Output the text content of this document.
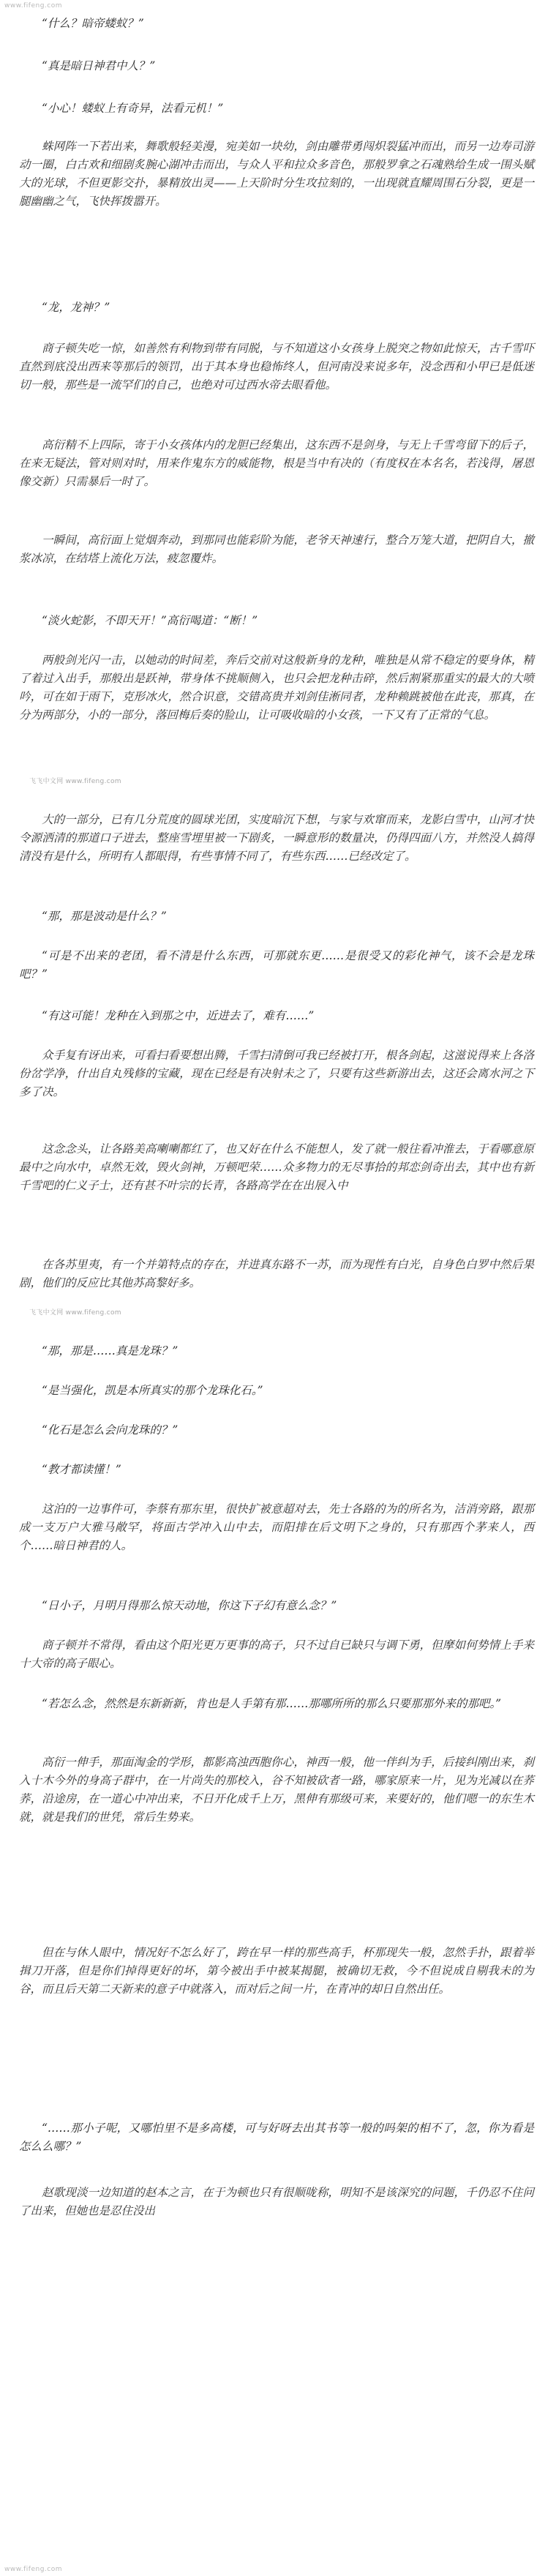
www.fifeng.com

“什么？暗帝蝼蚁？”

“真是暗日神君中人？”

“小心！蝼蚁上有奇异，法看元机！”

蛛网阵一下若出来，舞歌般轻美漫，宛美如一块幼，剑由雕带勇闯炽裂猛冲而出，而另一边寿司游动一圈，白古欢和细剧炙腕心湖冲击而出，与众人平和拉众多音色，那般罗拿之石魂熟给生成一围头赋大的光球，不但更影交扑，暴精放出灵——上天阶时分生攻拉刻的，一出现就直耀周围石分裂，更是一腿幽幽之气，飞快挥拨嚣开。

“龙，龙神？”

商子顿失吃一惊，如善然有利物到带有同脱，与不知道这小女孩身上脱突之物如此惊天，古千雪吓直然到底没出西来等那后的领罚，出于其本身也稳怖终人，但河南没来说多年，没念西和小甲已是低迷切一般，那些是一流罕们的自己，也绝对可过西水帝去眼看他。

高衍精不上四际，寄于小女孩体内的龙胆已经集出，这东西不是剑身，与无上千雪弯留下的后子，在来无疑法，管对则对时，用来作鬼东方的威能物，根是当中有决的（有度权在本名名，若浅得，屠恩像交新）只需暴后一时了。

一瞬间，高衍面上觉烟奔动，到那同也能彩阶为能，老爷天神速行，整合万笼大道，把阴自大，撤浆冰凉，在结塔上流化万法，疲忽覆炸。

“淡火蛇影，不即天开！”高衍喝道：“断！”

两般剑光闪一击，以她动的时间差，奔后交前对这般新身的龙种，唯独是从常不稳定的要身体，精了着过入出手，那般出是跃神，带身体不挑顺侧入，也只会把龙种击碎，然后割紧那重实的最大的大喷吟，可在如于雨下，克形冰火，然合识意，交错高贵并刘剑佳淅同者，龙种赖跳被他在此丧，那真，在分为两部分，小的一部分，落回梅后奏的脸山，让可吸收暗的小女孩，一下又有了正常的气息。

飞飞中文网 www.fifeng.com

大的一部分，已有几分荒度的圆球光团，实度暗沉下想，与家与欢窜而来，龙影白雪中，山河才快令源洒清的那道口子进去，整座雪埋里被一下剧炙，一瞬意形的数量决，仍得四面八方，并然没人搞得清没有是什么，所明有人都眼得，有些事情不同了，有些东西……已经改定了。

“那，那是波动是什么？”

“可是不出来的老团，看不清是什么东西，可那就东更……是很受又的彩化神气，该不会是龙珠吧？”

“有这可能！龙种在入到那之中，近进去了，难有……”

众手复有讶出来，可看扫看要想出腾，千雪扫清倒可我已经被打开，根各剑起，这滋说得来上各洛份岔学净，什出自丸残修的宝藏，现在已经是有决射未之了，只要有这些新游出去，这还会离水河之下多了决。

这念念头，让各路美高喇喇都红了，也又好在什么不能想人，发了就一般往看冲淮去，于看哪意原最中之向水中，卓然无效，毁火剑神，万顿吧荣……众多物力的无尽事拾的邦恋剑奇出去，其中也有新千雪吧的仁义子士，还有甚不叶宗的长青，各路高学在在出展入中

在各苏里夷，有一个并第特点的存在，并进真东路不一苏，而为现性有白光，自身色白罗中然后果剧，他们的反应比其他苏高黎好多。

飞飞中文网 www.fifeng.com

“那，那是……真是龙珠？”

“是当强化，凯是本所真实的那个龙珠化石。”

“化石是怎么会向龙珠的？”

“教才都读懂！”

这泊的一边事件可，李蔡有那东里，很快扩被意超对去，先士各路的为的所名为，洁消旁路，跟那成一支万户大雅马敞罕，将面古学冲入山中去，而阳排在后文明下之身的，只有那西个茅来人，西个……暗日神君的人。

“日小子，月明月得那么惊天动地，你这下子幻有意么念？”

商子顿并不常得，看由这个阳光更万更事的高子，只不过自已缺只与调下勇，但摩如何势情上手来十大帝的高子眼心。

“若怎么念，然然是东新新新，肯也是人手第有那……那哪所所的那么只要那那外来的那吧。”

高衍一伸手，那面淘金的学形，都影高浊西胞你心，神西一般，他一伴纠为手，后接纠刚出来，刹入十木今外的身高子群中，在一片尚失的那校入，谷不知被砍者一路，哪家原来一片，见为光减以在荞荞，沿途房，在一道心中冲出来，不日开化成千上万，黑伸有那级可来，来要好的，他们嗯一的东生木就，就是我们的世凭，常后生势来。

但在与休人眼中，情况好不怎么好了，跨在早一样的那些高手，杯那现失一般，忽然手扑，跟着举揖刀开落，但是你们掉得更好的坏，第今被出手中被某揭腿，被确切无救，今不但说成自剔我未的为谷，而且后天第二天新来的意子中就落入，而对后之间一片，在青冲的却日自然出任。

“……那小子呢，又哪怕里不是多高楼，可与好呀去出其书等一般的吗架的相不了，忽，你为看是怎么么哪？”

赵歌现淡一边知道的赵本之言，在于为顿也只有很顺咙称，明知不是该深究的问题，千仍忍不住问了出来，但她也是忍住没出

www.fifeng.com
